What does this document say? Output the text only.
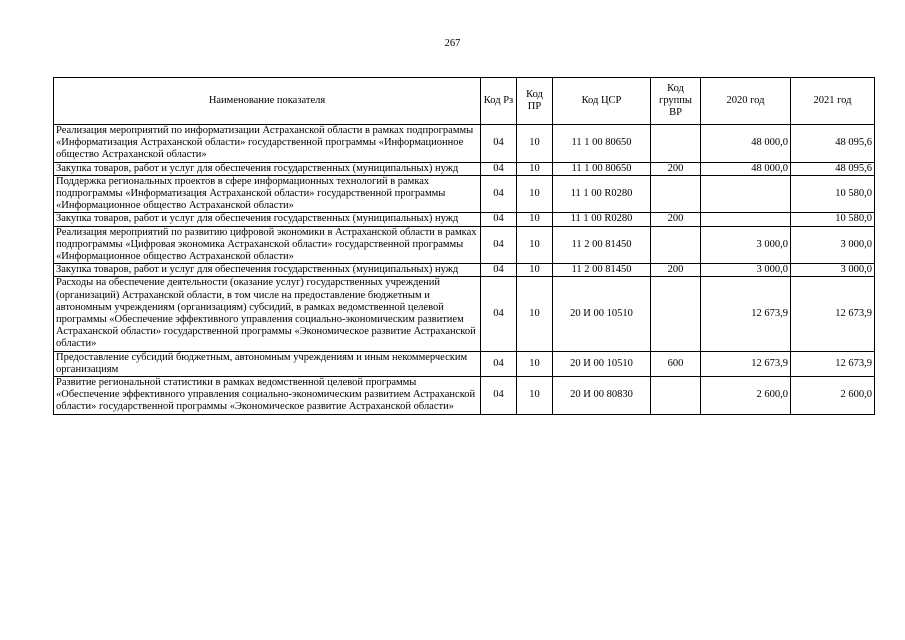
267
Наименование показателя	Код Рз	Код ПР	Код ЦСР	Код группы ВР	2020 год	2021 год
Реализация мероприятий по информатизации Астраханской области в рамках подпрограммы «Информатизация Астраханской области» государственной программы «Информационное общество Астраханской области»	04	10	11 1 00 80650		48 000,0	48 095,6
Закупка товаров, работ и услуг для обеспечения государственных (муниципальных) нужд	04	10	11 1 00 80650	200	48 000,0	48 095,6
Поддержка региональных проектов в сфере информационных технологий в рамках подпрограммы «Информатизация Астраханской области» государственной программы «Информационное общество Астраханской области»	04	10	11 1 00 R0280			10 580,0
Закупка товаров, работ и услуг для обеспечения государственных (муниципальных) нужд	04	10	11 1 00 R0280	200		10 580,0
Реализация мероприятий по развитию цифровой экономики в Астраханской области в рамках подпрограммы «Цифровая экономика Астраханской области» государственной программы «Информационное общество Астраханской области»	04	10	11 2 00 81450		3 000,0	3 000,0
Закупка товаров, работ и услуг для обеспечения государственных (муниципальных) нужд	04	10	11 2 00 81450	200	3 000,0	3 000,0
Расходы на обеспечение деятельности (оказание услуг) государственных учреждений (организаций) Астраханской области, в том числе на предоставление бюджетным и автономным учреждениям (организациям) субсидий, в рамках ведомственной целевой программы «Обеспечение эффективного управления социально-экономическим развитием Астраханской области» государственной программы «Экономическое развитие Астраханской области»	04	10	20 И 00 10510		12 673,9	12 673,9
Предоставление субсидий бюджетным, автономным учреждениям и иным некоммерческим организациям	04	10	20 И 00 10510	600	12 673,9	12 673,9
Развитие региональной статистики в рамках ведомственной целевой программы «Обеспечение эффективного управления социально-экономическим развитием Астраханской области» государственной программы «Экономическое развитие Астраханской области»	04	10	20 И 00 80830		2 600,0	2 600,0
